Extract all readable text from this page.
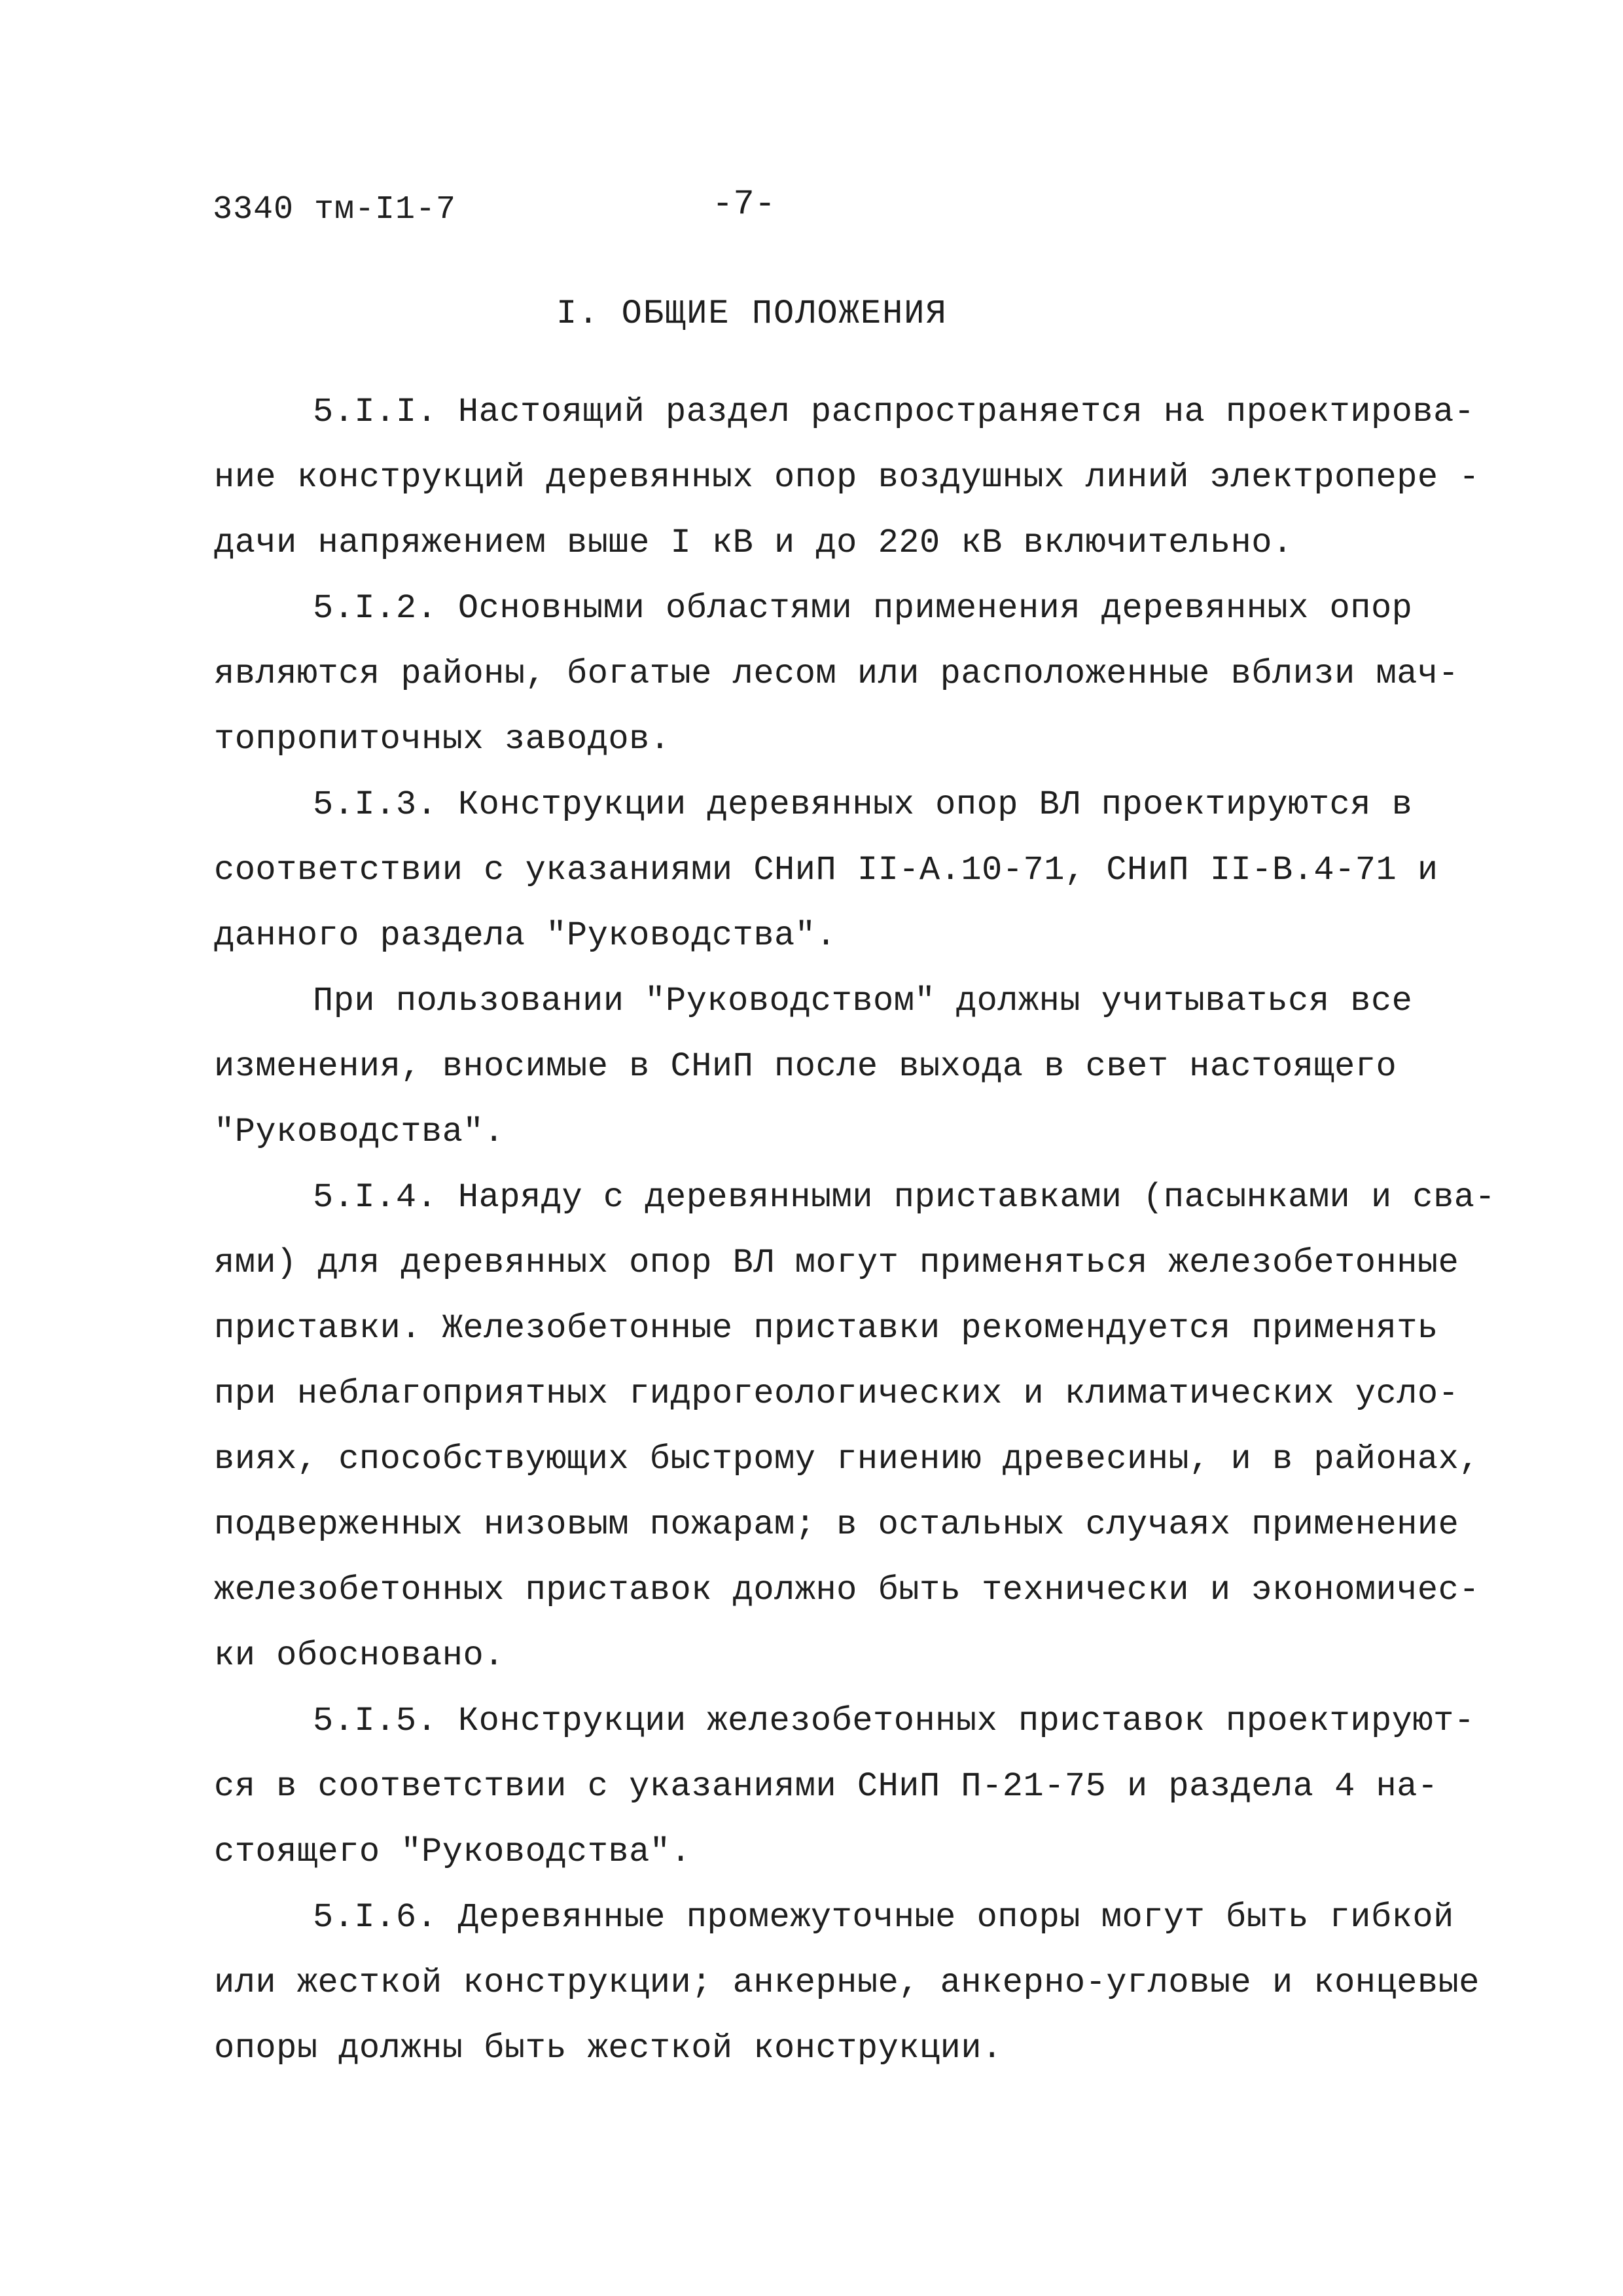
3340 тм-I1-7	-7-
I. ОБЩИЕ ПОЛОЖЕНИЯ
5.I.I. Настоящий раздел распространяется на проектирова-
ние конструкций деревянных опор воздушных линий электропере -
дачи напряжением выше I кВ и до 220 кВ включительно.
5.I.2. Основными областями применения деревянных опор
являются районы, богатые лесом или расположенные вблизи мач-
топропиточных заводов.
5.I.3. Конструкции деревянных опор ВЛ проектируются в
соответствии с указаниями СНиП II-А.10-71, СНиП II-В.4-71 и
данного раздела "Руководства".
При пользовании "Руководством" должны учитываться все
изменения, вносимые в СНиП после выхода в свет настоящего
"Руководства".
5.I.4. Наряду с деревянными приставками (пасынками и сва-
ями) для деревянных опор ВЛ могут применяться железобетонные
приставки. Железобетонные приставки рекомендуется применять
при неблагоприятных гидрогеологических и климатических усло-
виях, способствующих быстрому гниению древесины, и в районах,
подверженных низовым пожарам; в остальных случаях применение
железобетонных приставок должно быть технически и экономичес-
ки обосновано.
5.I.5. Конструкции железобетонных приставок проектируют-
ся в соответствии с указаниями СНиП П-21-75 и раздела 4 на-
стоящего "Руководства".
5.I.6. Деревянные промежуточные опоры могут быть гибкой
или жесткой конструкции; анкерные, анкерно-угловые и концевые
опоры должны быть жесткой конструкции.
